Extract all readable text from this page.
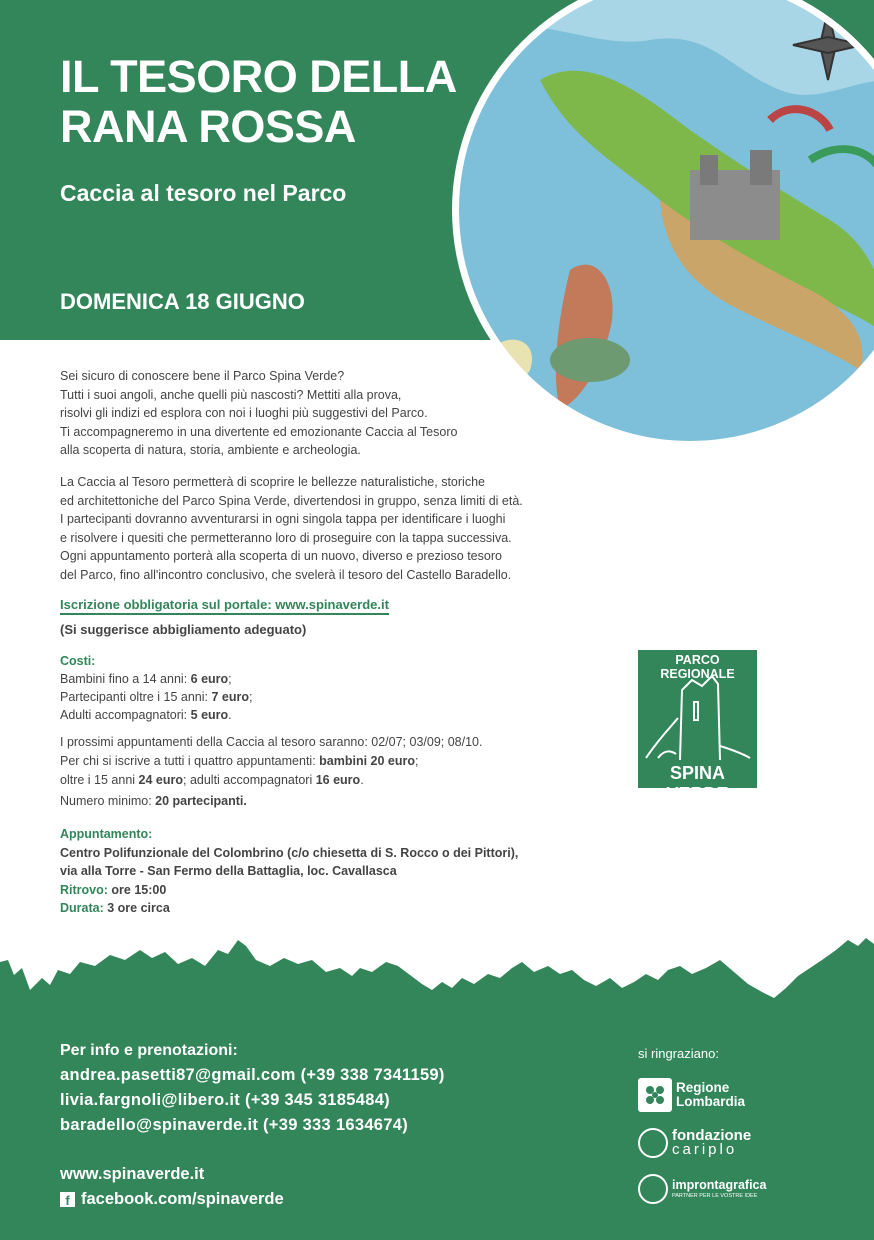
IL TESORO DELLA
RANA ROSSA
Caccia al tesoro nel Parco
DOMENICA 18 GIUGNO

Sei sicuro di conoscere bene il Parco Spina Verde?

Tutti i suoi angoli, anche quelli più nascosti? Mettiti alla prova,

risolvi gli indizi ed esplora con noi i luoghi più suggestivi del Parco.

Ti accompagneremo in una divertente ed emozionante Caccia al Tesoro

alla scoperta di natura, storia, ambiente e archeologia.

La Caccia al Tesoro permetterà di scoprire le bellezze naturalistiche, storiche

ed architettoniche del Parco Spina Verde, divertendosi in gruppo, senza limiti di età.

I partecipanti dovranno avventurarsi in ogni singola tappa per identificare i luoghi

e risolvere i quesiti che permetteranno loro di proseguire con la tappa successiva.

Ogni appuntamento porterà alla scoperta di un nuovo, diverso e prezioso tesoro

del Parco, fino all'incontro conclusivo, che svelerà il tesoro del Castello Baradello.

Iscrizione obbligatoria sul portale: www.spinaverde.it
(Si suggerisce abbigliamento adeguato)
Costi:
Bambini fino a 14 anni: 6 euro;
Partecipanti oltre i 15 anni: 7 euro;
Adulti accompagnatori: 5 euro.
I prossimi appuntamenti della Caccia al tesoro saranno: 02/07; 03/09; 08/10.
Per chi si iscrive a tutti i quattro appuntamenti: bambini 20 euro;
oltre i 15 anni 24 euro; adulti accompagnatori 16 euro.
Numero minimo: 20 partecipanti.
Appuntamento:
Centro Polifunzionale del Colombrino (c/o chiesetta di S. Rocco o dei Pittori),
via alla Torre - San Fermo della Battaglia, loc. Cavallasca
Ritrovo: ore 15:00
Durata: 3 ore circa
PARCO REGIONALE
SPINA VERDE
Per info e prenotazioni:
andrea.pasetti87@gmail.com (+39 338 7341159)
livia.fargnoli@libero.it (+39 345 3185484)
baradello@spinaverde.it (+39 333 1634674)
www.spinaverde.it
f facebook.com/spinaverde
si ringraziano:
Regione
Lombardia
fondazione
cariplo
improntagrafica
PARTNER PER LE VOSTRE IDEE
